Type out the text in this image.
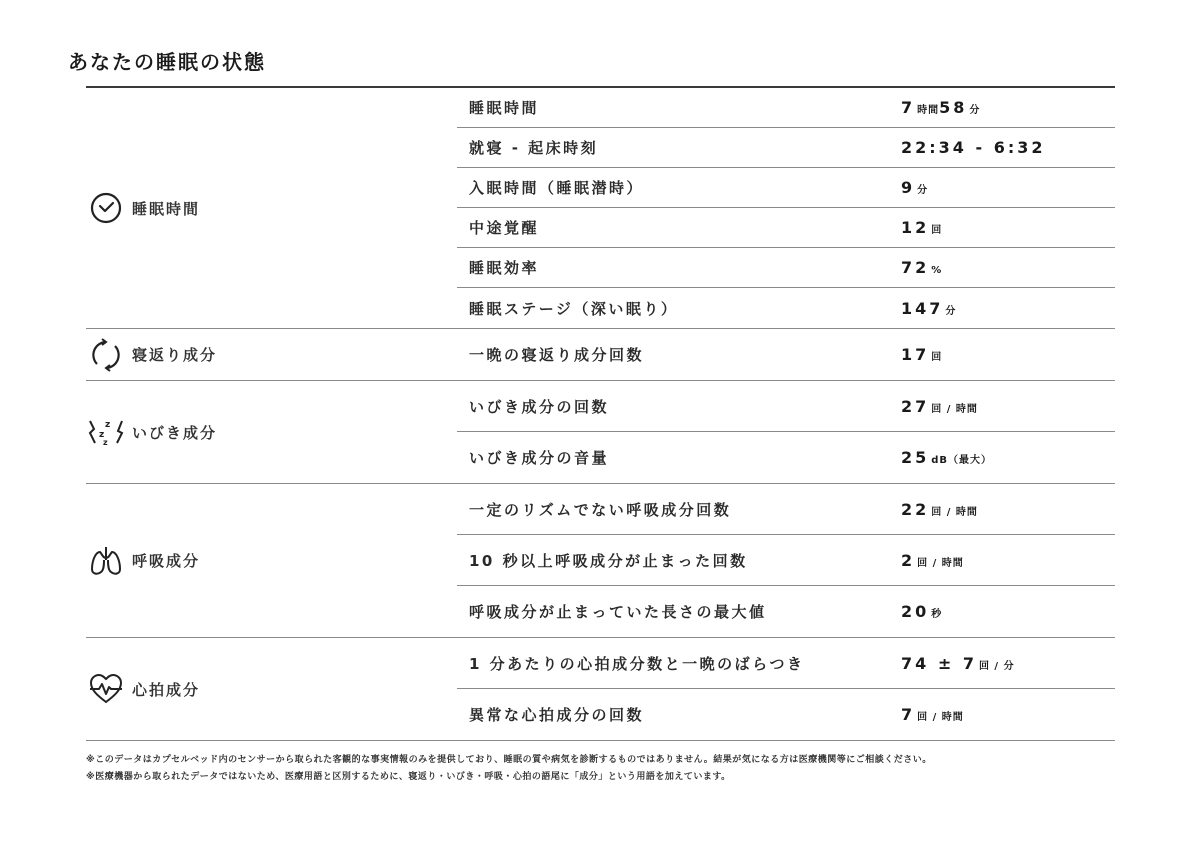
あなたの睡眠の状態
睡眠時間
睡眠時間	7 時間 58 分
就寝 - 起床時刻	22:34 - 6:32
入眠時間（睡眠潜時）	9 分
中途覚醒	12 回
睡眠効率	72 %
睡眠ステージ（深い眠り）	147 分
寝返り成分	一晩の寝返り成分回数	17 回
z
z
z
いびき成分
いびき成分の回数	27 回 / 時間
いびき成分の音量	25 dB（最大）
呼吸成分
一定のリズムでない呼吸成分回数	22 回 / 時間
10 秒以上呼吸成分が止まった回数	2 回 / 時間
呼吸成分が止まっていた長さの最大値	20 秒
心拍成分
1 分あたりの心拍成分数と一晩のばらつき	74 ± 7 回 / 分
異常な心拍成分の回数	7 回 / 時間
※このデータはカプセルベッド内のセンサーから取られた客観的な事実情報のみを提供しており、睡眠の質や病気を診断するものではありません。結果が気になる方は医療機関等にご相談ください。
※医療機器から取られたデータではないため、医療用語と区別するために、寝返り・いびき・呼吸・心拍の語尾に「成分」という用語を加えています。
